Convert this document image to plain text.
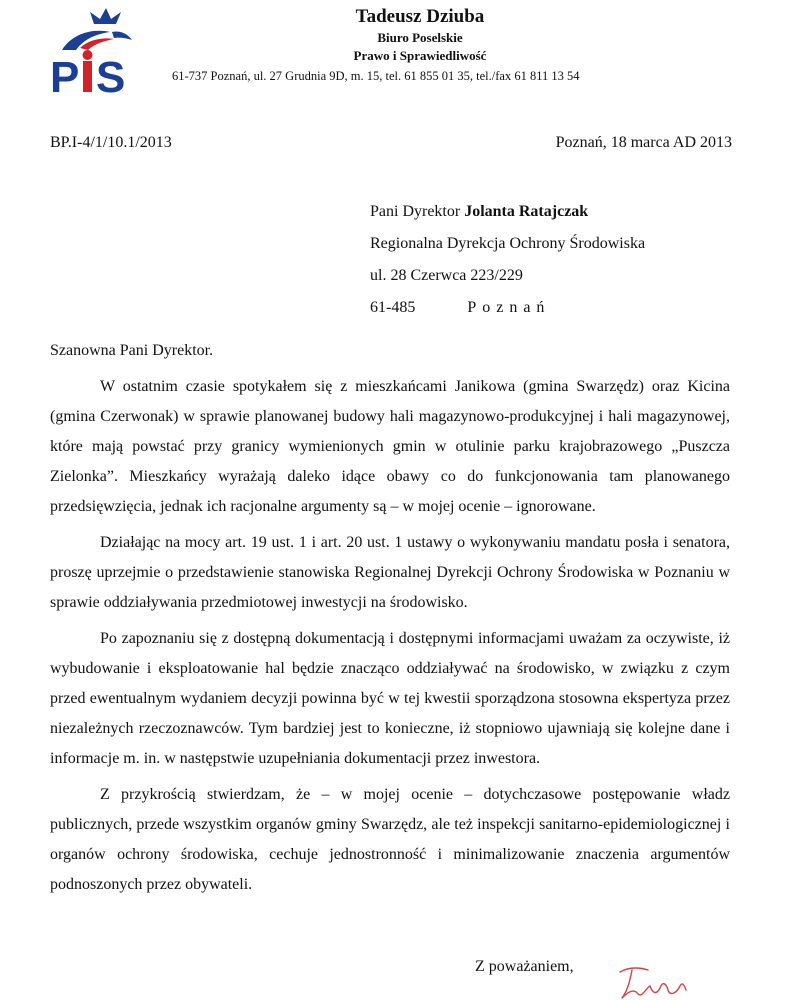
P S
Tadeusz Dziuba
Biuro Poselskie
Prawo i Sprawiedliwość
61-737 Poznań, ul. 27 Grudnia 9D, m. 15, tel. 61 855 01 35, tel./fax 61 811 13 54
BP.I-4/1/10.1/2013	Poznań, 18 marca AD 2013
Pani Dyrektor Jolanta Ratajczak
Regionalna Dyrekcja Ochrony Środowiska
ul. 28 Czerwca 223/229
61-485	Poznań

Szanowna Pani Dyrektor.

W ostatnim czasie spotykałem się z mieszkańcami Janikowa (gmina Swarzędz) oraz Kicina (gmina Czerwonak) w sprawie planowanej budowy hali magazynowo-produkcyjnej i hali magazynowej, które mają powstać przy granicy wymienionych gmin w otulinie parku krajobrazowego „Puszcza Zielonka”. Mieszkańcy wyrażają daleko idące obawy co do funkcjonowania tam planowanego przedsięwzięcia, jednak ich racjonalne argumenty są – w mojej ocenie – ignorowane.

Działając na mocy art. 19 ust. 1 i art. 20 ust. 1 ustawy o wykonywaniu mandatu posła i senatora, proszę uprzejmie o przedstawienie stanowiska Regionalnej Dyrekcji Ochrony Środowiska w Poznaniu w sprawie oddziaływania przedmiotowej inwestycji na środowisko.

Po zapoznaniu się z dostępną dokumentacją i dostępnymi informacjami uważam za oczywiste, iż wybudowanie i eksploatowanie hal będzie znacząco oddziaływać na środowisko, w związku z czym przed ewentualnym wydaniem decyzji powinna być w tej kwestii sporządzona stosowna ekspertyza przez niezależnych rzeczoznawców. Tym bardziej jest to konieczne, iż stopniowo ujawniają się kolejne dane i informacje m. in. w następstwie uzupełniania dokumentacji przez inwestora.

Z przykrością stwierdzam, że – w mojej ocenie – dotychczasowe postępowanie władz publicznych, przede wszystkim organów gminy Swarzędz, ale też inspekcji sanitarno-epidemiologicznej i organów ochrony środowiska, cechuje jednostronność i minimalizowanie znaczenia argumentów podnoszonych przez obywateli.

Z poważaniem,
